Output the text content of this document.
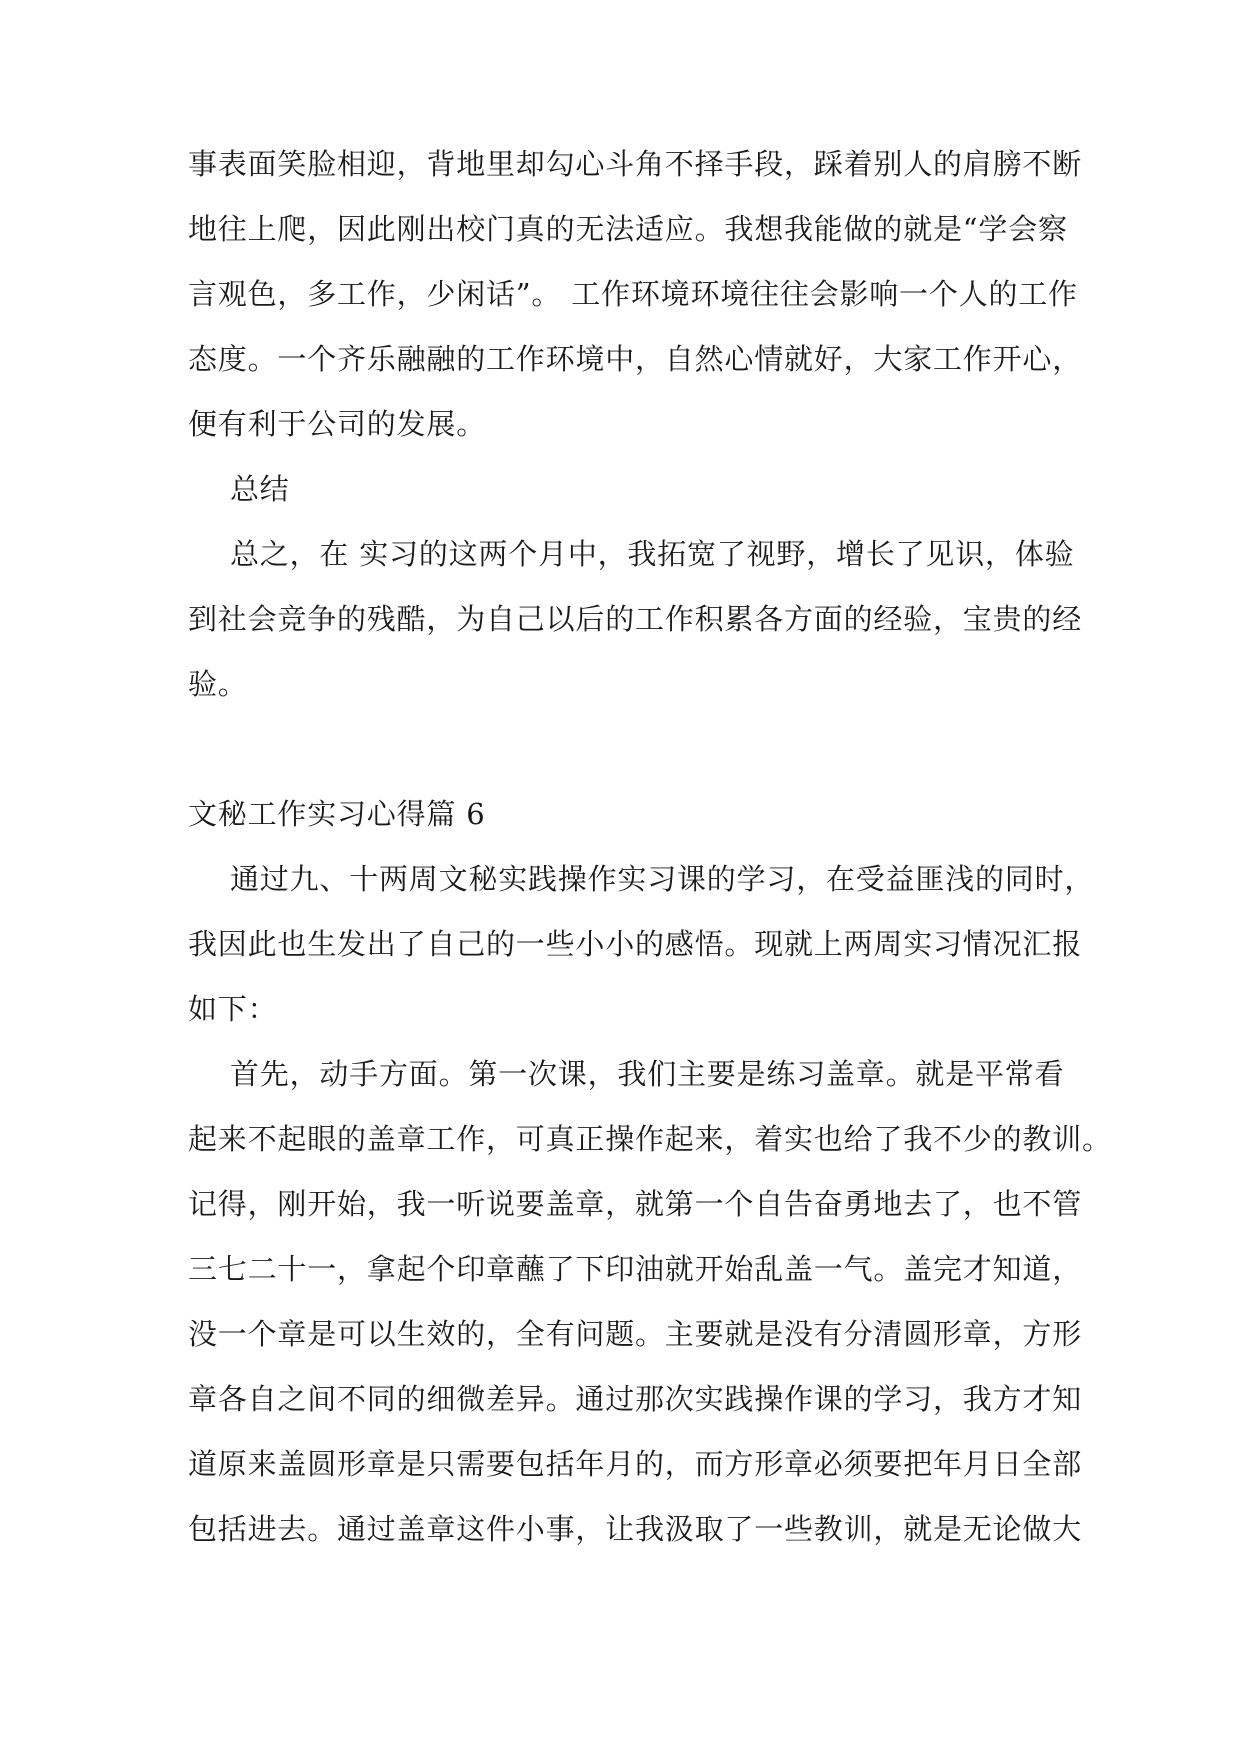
事表面笑脸相迎，背地里却勾心斗角不择手段，踩着别人的肩膀不断
地往上爬，因此刚出校门真的无法适应。我想我能做的就是“学会察
言观色，多工作，少闲话”。 工作环境环境往往会影响一个人的工作
态度。一个齐乐融融的工作环境中，自然心情就好，大家工作开心，
便有利于公司的发展。
总结
总之，在 实习的这两个月中，我拓宽了视野，增长了见识，体验
到社会竞争的残酷，为自己以后的工作积累各方面的经验，宝贵的经
验。
文秘工作实习心得篇 6
通过九、十两周文秘实践操作实习课的学习，在受益匪浅的同时，
我因此也生发出了自己的一些小小的感悟。现就上两周实习情况汇报
如下：
首先，动手方面。第一次课，我们主要是练习盖章。就是平常看
起来不起眼的盖章工作，可真正操作起来，着实也给了我不少的教训。
记得，刚开始，我一听说要盖章，就第一个自告奋勇地去了，也不管
三七二十一，拿起个印章蘸了下印油就开始乱盖一气。盖完才知道，
没一个章是可以生效的，全有问题。主要就是没有分清圆形章，方形
章各自之间不同的细微差异。通过那次实践操作课的学习，我方才知
道原来盖圆形章是只需要包括年月的，而方形章必须要把年月日全部
包括进去。通过盖章这件小事，让我汲取了一些教训，就是无论做大
